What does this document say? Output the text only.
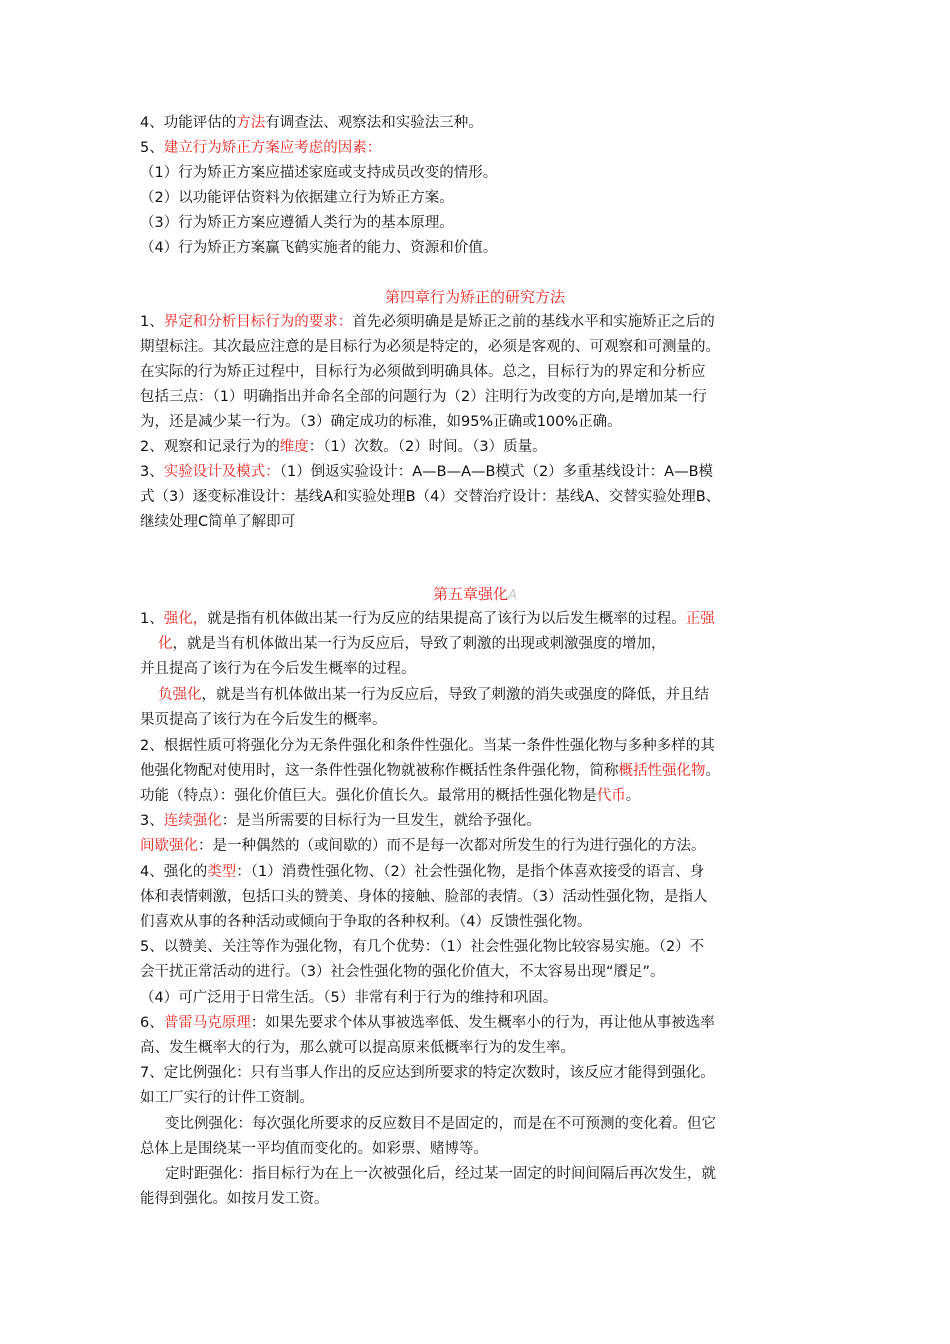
4、功能评估的方法有调查法、观察法和实验法三种。
5、建立行为矫正方案应考虑的因素：
（1）行为矫正方案应描述家庭或支持成员改变的情形。
（2）以功能评估资料为依据建立行为矫正方案。
（3）行为矫正方案应遵循人类行为的基本原理。
（4）行为矫正方案赢飞鹤实施者的能力、资源和价值。
第四章行为矫正的研究方法
1、界定和分析目标行为的要求：首先必须明确是是矫正之前的基线水平和实施矫正之后的
期望标注。其次最应注意的是目标行为必须是特定的，必须是客观的、可观察和可测量的。
在实际的行为矫正过程中，目标行为必须做到明确具体。总之，目标行为的界定和分析应
包括三点：（1）明确指出并命名全部的问题行为（2）注明行为改变的方向,是增加某一行
为，还是减少某一行为。（3）确定成功的标准，如95%正确或100%正确。
2、观察和记录行为的维度：（1）次数。（2）时间。（3）质量。
3、实验设计及模式：（1）倒返实验设计：A—B—A—B模式（2）多重基线设计：A—B模
式（3）逐变标准设计：基线A和实验处理B（4）交替治疗设计：基线A、交替实验处理B、
继续处理C简单了解即可
第五章强化A
1、强化，就是指有机体做出某一行为反应的结果提高了该行为以后发生概率的过程。正强
化，就是当有机体做出某一行为反应后，导致了刺激的出现或刺激强度的增加，
并且提高了该行为在今后发生概率的过程。
负强化，就是当有机体做出某一行为反应后，导致了刺激的消失或强度的降低，并且结
果页提高了该行为在今后发生的概率。
2、根据性质可将强化分为无条件强化和条件性强化。当某一条件性强化物与多种多样的其
他强化物配对使用时，这一条件性强化物就被称作概括性条件强化物，简称概括性强化物。
功能（特点）：强化价值巨大。强化价值长久。最常用的概括性强化物是代币。
3、连续强化：是当所需要的目标行为一旦发生，就给予强化。
间歇强化：是一种偶然的（或间歇的）而不是每一次都对所发生的行为进行强化的方法。
4、强化的类型：（1）消费性强化物、（2）社会性强化物，是指个体喜欢接受的语言、身
体和表情刺激，包括口头的赞美、身体的接触、脸部的表情。（3）活动性强化物，是指人
们喜欢从事的各种活动或倾向于争取的各种权利。（4）反馈性强化物。
5、以赞美、关注等作为强化物，有几个优势：（1）社会性强化物比较容易实施。（2）不
会干扰正常活动的进行。（3）社会性强化物的强化价值大，不太容易出现“餍足”。
（4）可广泛用于日常生活。（5）非常有利于行为的维持和巩固。
6、普雷马克原理：如果先要求个体从事被选率低、发生概率小的行为，再让他从事被选率
高、发生概率大的行为，那么就可以提高原来低概率行为的发生率。
7、定比例强化：只有当事人作出的反应达到所要求的特定次数时，该反应才能得到强化。
如工厂实行的计件工资制。
变比例强化：每次强化所要求的反应数目不是固定的，而是在不可预测的变化着。但它
总体上是围绕某一平均值而变化的。如彩票、赌博等。
定时距强化：指目标行为在上一次被强化后，经过某一固定的时间间隔后再次发生，就
能得到强化。如按月发工资。
